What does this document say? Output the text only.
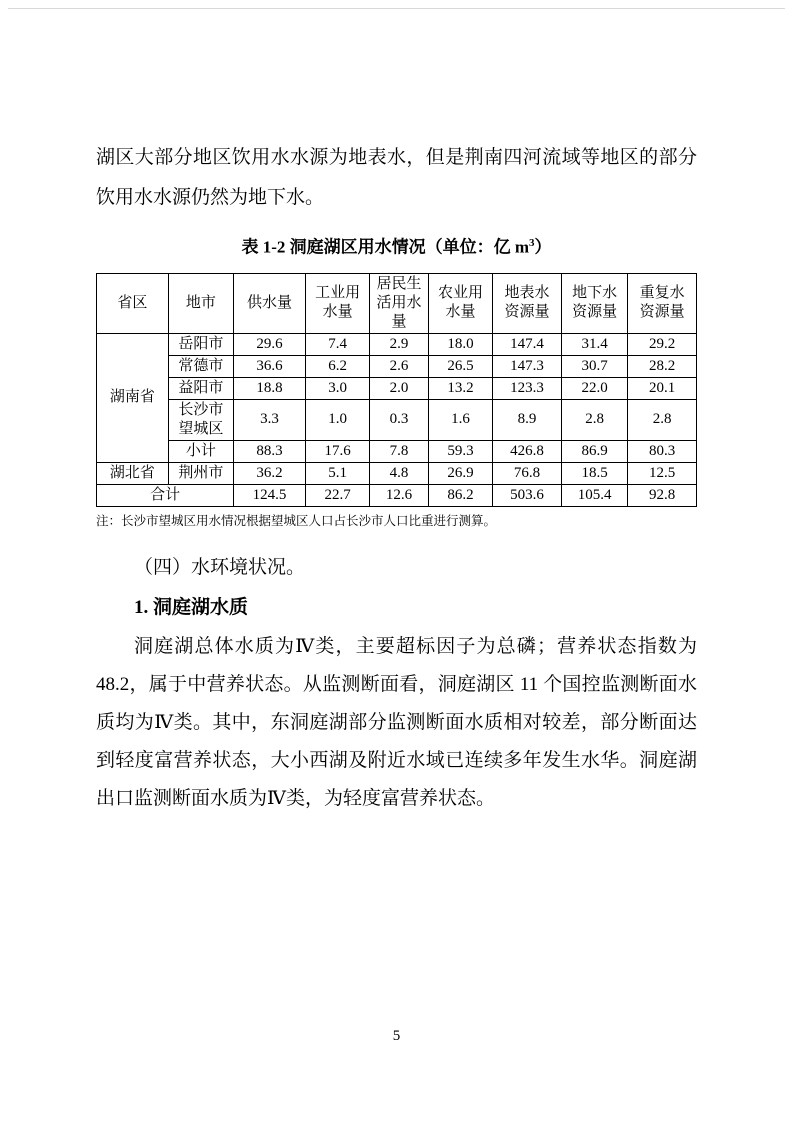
湖区大部分地区饮用水水源为地表水，但是荆南四河流域等地区的部分饮用水水源仍然为地下水。

表 1-2 洞庭湖区用水情况（单位：亿 $m^3$）

省区	地市	供水量	工业用水量	居民生活用水量	农业用水量	地表水资源量	地下水资源量	重复水资源量
湖南省	岳阳市	29.6	7.4	2.9	18.0	147.4	31.4	29.2
	常德市	36.6	6.2	2.6	26.5	147.3	30.7	28.2
	益阳市	18.8	3.0	2.0	13.2	123.3	22.0	20.1
	长沙市望城区	3.3	1.0	0.3	1.6	8.9	2.8	2.8
	小计	88.3	17.6	7.8	59.3	426.8	86.9	80.3
湖北省	荆州市	36.2	5.1	4.8	26.9	76.8	18.5	12.5
合计		124.5	22.7	12.6	86.2	503.6	105.4	92.8

注：长沙市望城区用水情况根据望城区人口占长沙市人口比重进行测算。

（四）水环境状况。

1. 洞庭湖水质

洞庭湖总体水质为Ⅳ类，主要超标因子为总磷；营养状态指数为 48.2，属于中营养状态。从监测断面看，洞庭湖区 11 个国控监测断面水质均为Ⅳ类。其中，东洞庭湖部分监测断面水质相对较差，部分断面达到轻度富营养状态，大小西湖及附近水域已连续多年发生水华。洞庭湖出口监测断面水质为Ⅳ类，为轻度富营养状态。

5
